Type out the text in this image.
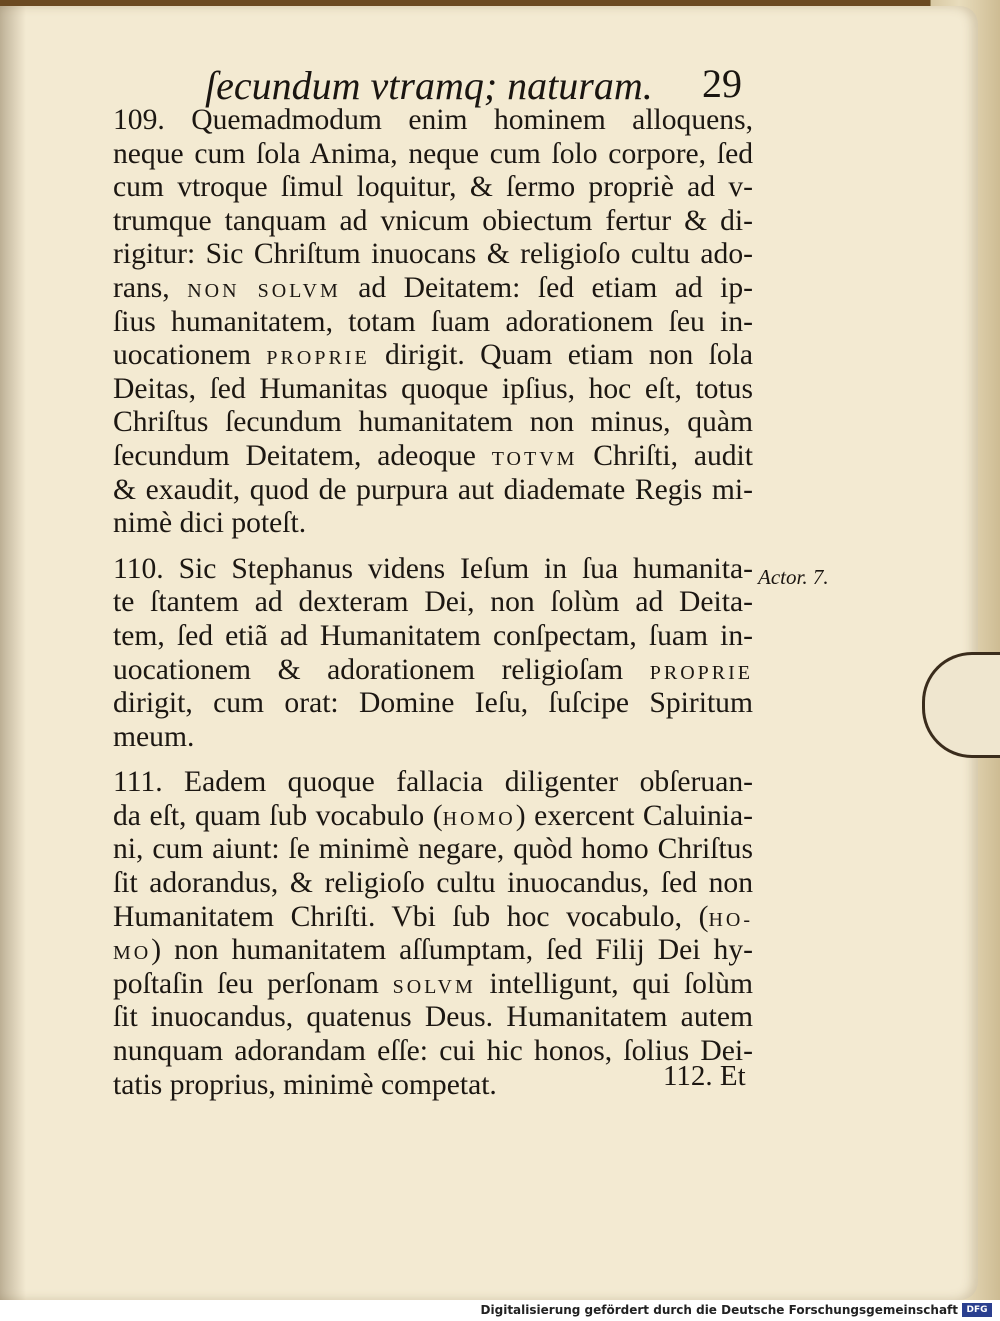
ſecundum vtramq; naturam.	29
109. Quemadmodum enim hominem alloquens,
neque cum ſola Anima, neque cum ſolo corpore, ſed
cum vtroque ſimul loquitur, & ſermo propriè ad v-
trumque tanquam ad vnicum obiectum fertur & di-
rigitur: Sic Chriſtum inuocans & religioſo cultu ado-
rans, NON SOLVM ad Deitatem: ſed etiam ad ip-
ſius humanitatem, totam ſuam adorationem ſeu in-
uocationem PROPRIE dirigit. Quam etiam non ſola
Deitas, ſed Humanitas quoque ipſius, hoc eſt, totus
Chriſtus ſecundum humanitatem non minus, quàm
ſecundum Deitatem, adeoque TOTVM Chriſti, audit
& exaudit, quod de purpura aut diademate Regis mi-
nimè dici poteſt.
110. Sic Stephanus videns Ieſum in ſua humanita-
te ſtantem ad dexteram Dei, non ſolùm ad Deita-
tem, ſed etiã ad Humanitatem conſpectam, ſuam in-
uocationem & adorationem religioſam PROPRIE
dirigit, cum orat: Domine Ieſu, ſuſcipe Spiritum
meum.
111. Eadem quoque fallacia diligenter obſeruan-
da eſt, quam ſub vocabulo (HOMO) exercent Caluinia-
ni, cum aiunt: ſe minimè negare, quòd homo Chriſtus
ſit adorandus, & religioſo cultu inuocandus, ſed non
Humanitatem Chriſti. Vbi ſub hoc vocabulo, (HO-
MO) non humanitatem aſſumptam, ſed Filij Dei hy-
poſtaſin ſeu perſonam SOLVM intelligunt, qui ſolùm
ſit inuocandus, quatenus Deus. Humanitatem autem
nunquam adorandam eſſe: cui hic honos, ſolius Dei-
tatis proprius, minimè competat.
Actor. 7.
112. Et
Digitalisierung gefördert durch die Deutsche Forschungsgemeinschaft DFG
